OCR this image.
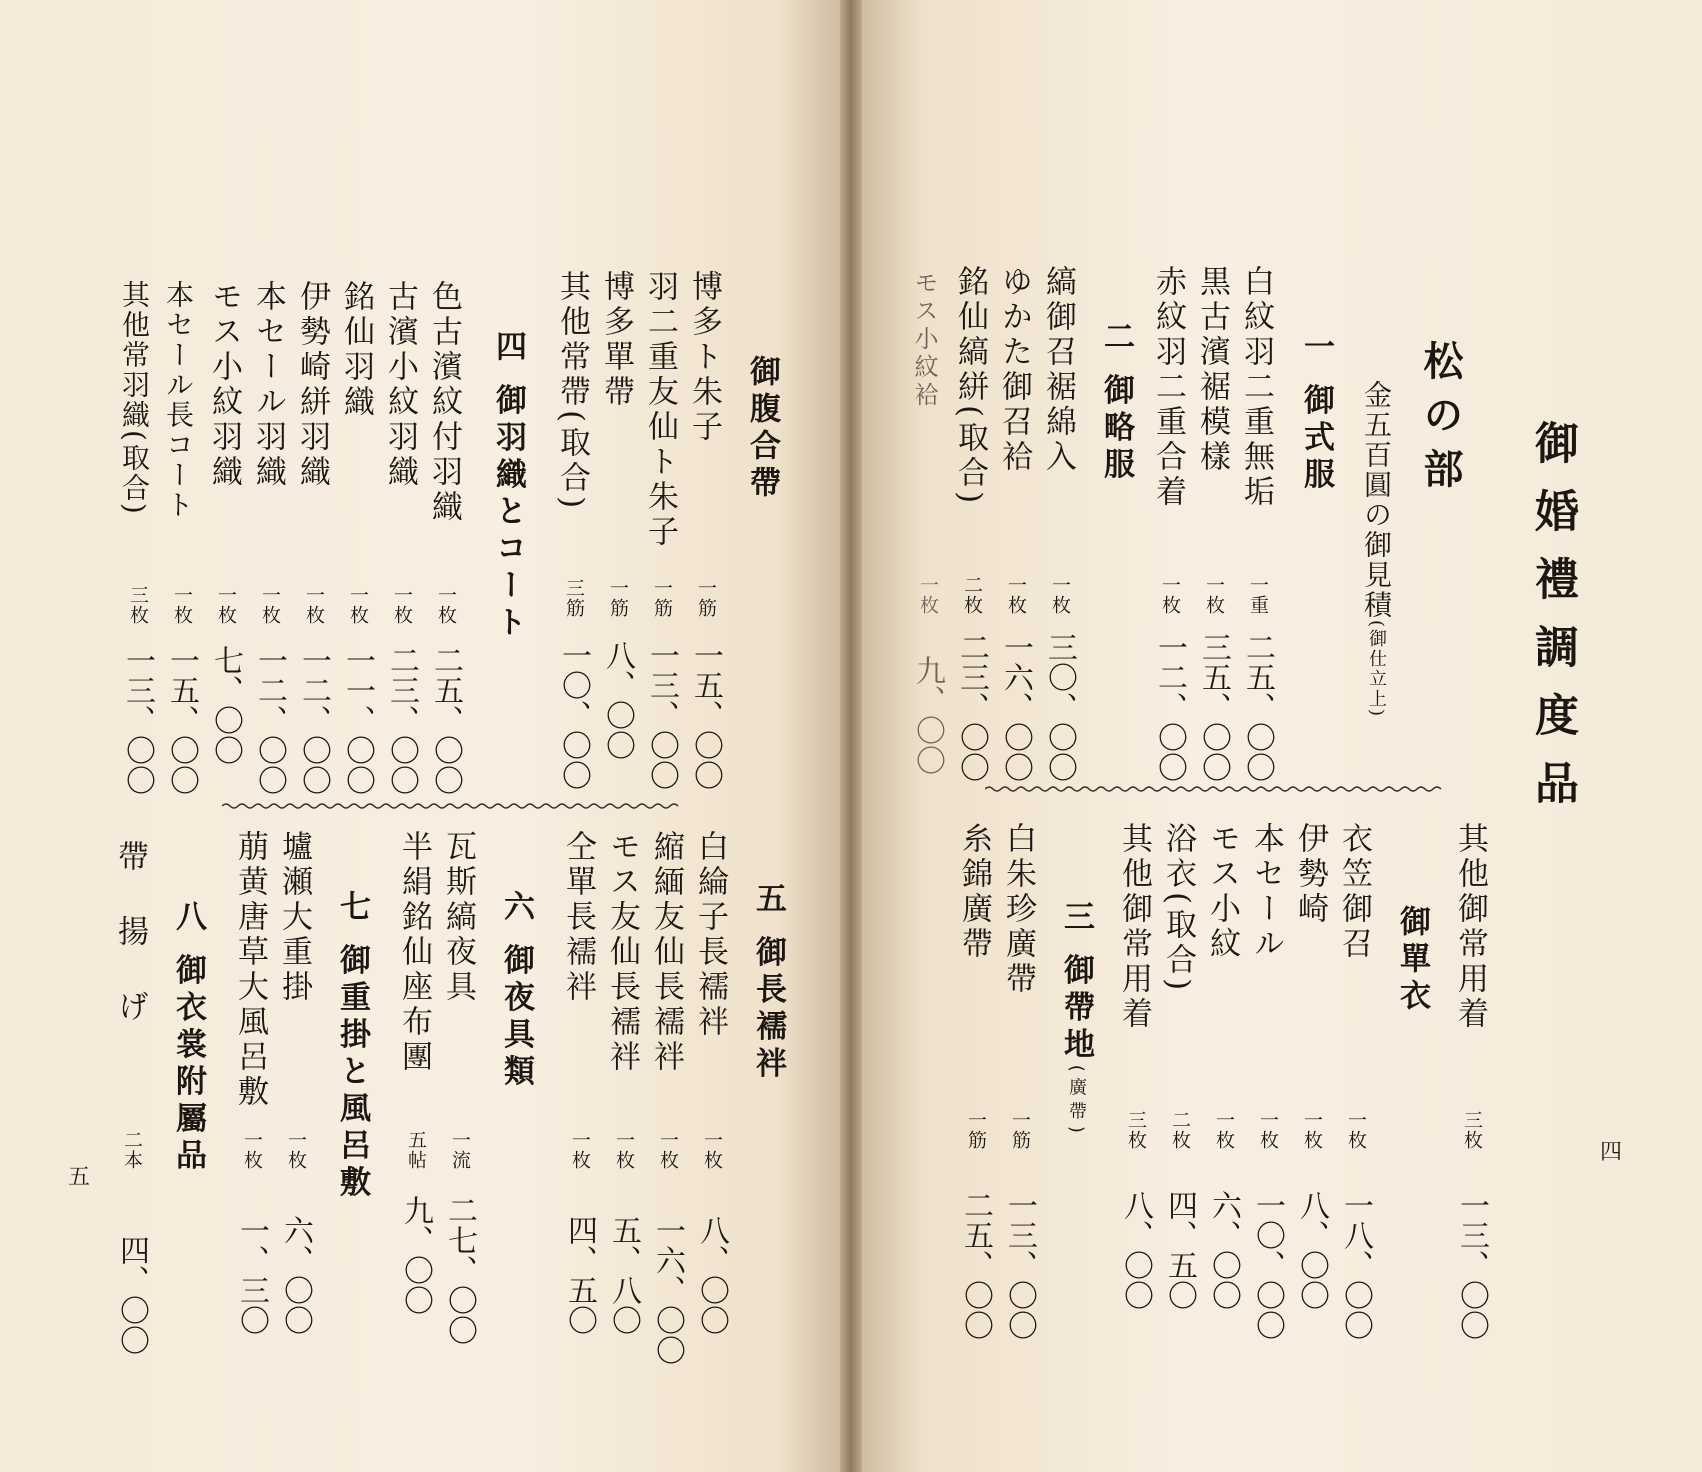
御婚禮調度品
松の部
金五百圓の御見積(御仕立上)
一 御式服
白紋羽二重無垢
一重
二五、〇〇
黒古濱裾模樣
一枚
三五、〇〇
赤紋羽二重合着
一枚
一二、〇〇
二 御略服
縞御召裾綿入
一枚
三〇、〇〇
ゆかた御召袷
一枚
一六、〇〇
銘仙縞絣(取合)
二枚
二三、〇〇
モス小紋袷
一枚
九、〇〇
其他御常用着
三枚
一三、〇〇
御單衣
衣笠御召
一枚
一八、〇〇
伊勢崎
一枚
八、〇〇
本セール
一枚
一〇、〇〇
モス小紋
一枚
六、〇〇
浴衣(取合)
二枚
四、五〇
其他御常用着
三枚
八、〇〇
三 御帶地(廣帶)
白朱珍廣帶
一筋
一三、〇〇
糸錦廣帶
一筋
二五、〇〇
四
御腹合帶
博多ト朱子
一筋
一五、〇〇
羽二重友仙ト朱子
一筋
一三、〇〇
博多單帶
一筋
八、〇〇
其他常帶(取合)
三筋
一〇、〇〇
四 御羽織とコート
色古濱紋付羽織
一枚
二五、〇〇
古濱小紋羽織
一枚
二三、〇〇
銘仙羽織
一枚
一一、〇〇
伊勢崎絣羽織
一枚
一二、〇〇
本セール羽織
一枚
一二、〇〇
モス小紋羽織
一枚
七、〇〇
本セール長コート
一枚
一五、〇〇
其他常羽織(取合)
三枚
一三、〇〇
五 御長襦袢
白綸子長襦袢
一枚
八、〇〇
縮緬友仙長襦袢
一枚
一六、〇〇
モス友仙長襦袢
一枚
五、八〇
仝單長襦袢
一枚
四、五〇
六 御夜具類
瓦斯縞夜具
一流
二七、〇〇
半絹銘仙座布團
五帖
九、〇〇
七 御重掛と風呂敷
壚瀬大重掛
一枚
六、〇〇
萠黄唐草大風呂敷
一枚
一、三〇
八 御衣裳附屬品
帶揚げ
二本
四、〇〇
五
